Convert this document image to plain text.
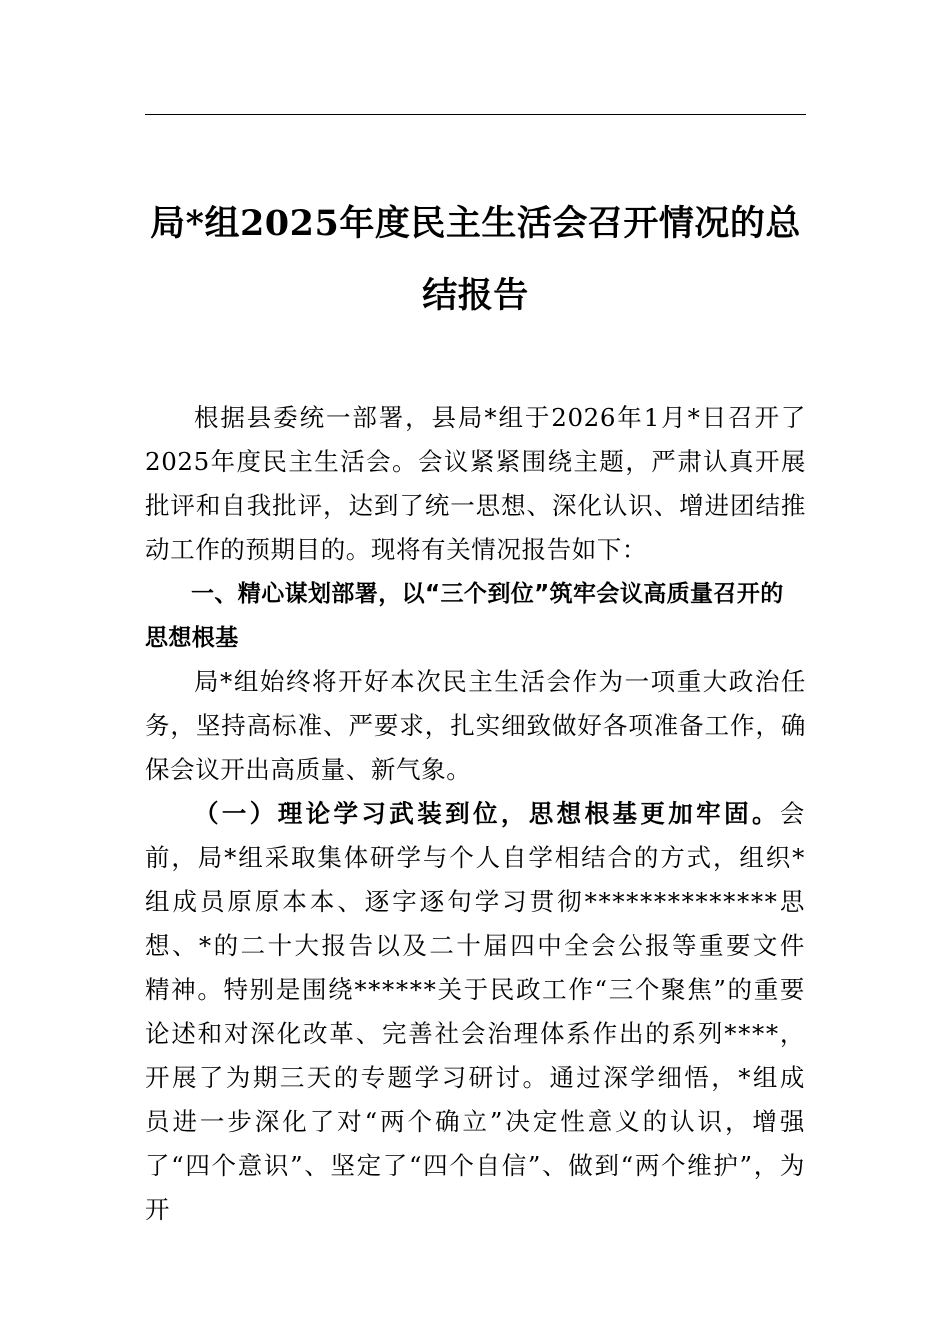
局*组2025年度民主生活会召开情况的总
结报告

根据县委统一部署，县局*组于2026年1月*日召开了2025年度民主生活会。会议紧紧围绕主题，严肃认真开展批评和自我批评，达到了统一思想、深化认识、增进团结推动工作的预期目的。现将有关情况报告如下：

一、精心谋划部署，以“三个到位”筑牢会议高质量召开的思想根基

局*组始终将开好本次民主生活会作为一项重大政治任务，坚持高标准、严要求，扎实细致做好各项准备工作，确保会议开出高质量、新气象。

（一）理论学习武装到位，思想根基更加牢固。会前，局*组采取集体研学与个人自学相结合的方式，组织*组成员原原本本、逐字逐句学习贯彻**************思想、*的二十大报告以及二十届四中全会公报等重要文件精神。特别是围绕******关于民政工作“三个聚焦”的重要论述和对深化改革、完善社会治理体系作出的系列****，开展了为期三天的专题学习研讨。通过深学细悟，*组成员进一步深化了对“两个确立”决定性意义的认识，增强了“四个意识”、坚定了“四个自信”、做到“两个维护”，为开
